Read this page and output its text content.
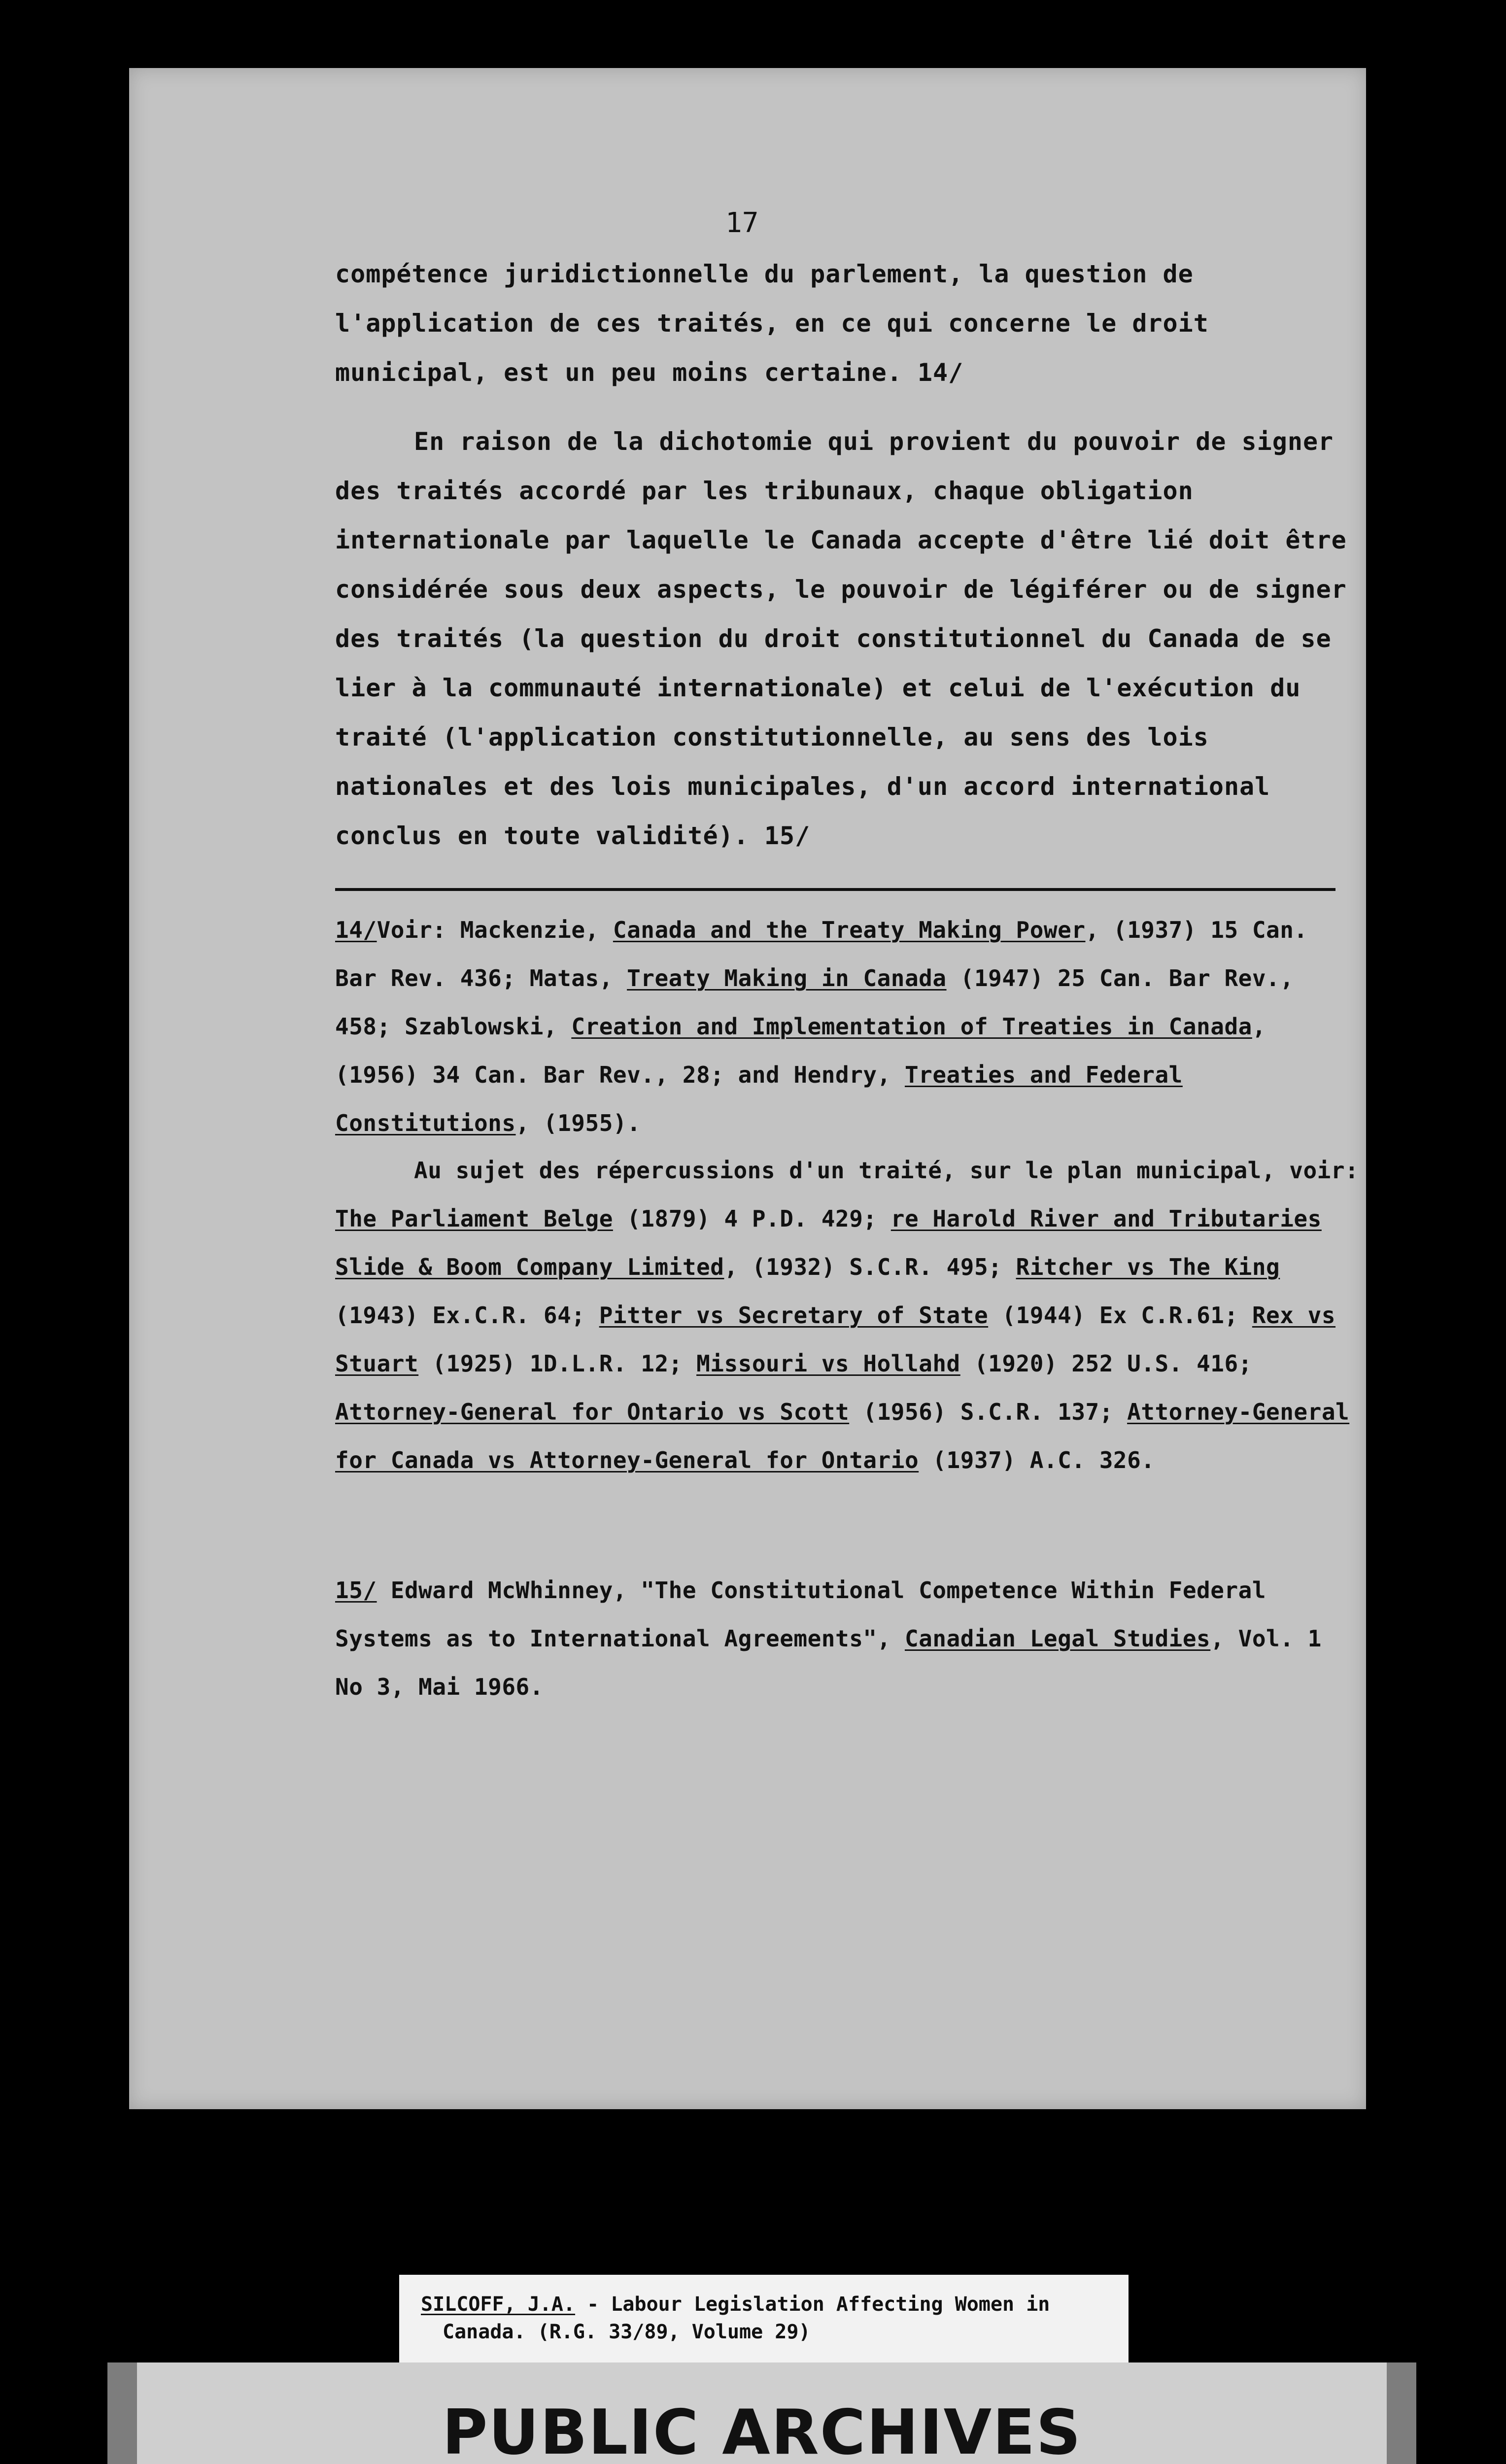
17

compétence juridictionnelle du parlement, la question de l'application de ces traités, en ce qui concerne le droit municipal, est un peu moins certaine. 14/

En raison de la dichotomie qui provient du pouvoir de signer des traités accordé par les tribunaux, chaque obligation internationale par laquelle le Canada accepte d'être lié doit être considérée sous deux aspects, le pouvoir de légiférer ou de signer des traités (la question du droit constitutionnel du Canada de se lier à la communauté internationale) et celui de l'exécution du traité (l'application constitutionnelle, au sens des lois nationales et des lois municipales, d'un accord international conclus en toute validité). 15/

14/Voir: Mackenzie, Canada and the Treaty Making Power, (1937) 15 Can. Bar Rev. 436; Matas, Treaty Making in Canada (1947) 25 Can. Bar Rev., 458; Szablowski, Creation and Implementation of Treaties in Canada, (1956) 34 Can. Bar Rev., 28; and Hendry, Treaties and Federal Constitutions, (1955).

Au sujet des répercussions d'un traité, sur le plan municipal, voir: The Parliament Belge (1879) 4 P.D. 429; re Harold River and Tributaries Slide & Boom Company Limited, (1932) S.C.R. 495; Ritcher vs The King (1943) Ex.C.R. 64; Pitter vs Secretary of State (1944) Ex C.R.61; Rex vs Stuart (1925) 1D.L.R. 12; Missouri vs Hollahd (1920) 252 U.S. 416; Attorney-General for Ontario vs Scott (1956) S.C.R. 137; Attorney-General for Canada vs Attorney-General for Ontario (1937) A.C. 326.

15/ Edward McWhinney, "The Constitutional Competence Within Federal Systems as to International Agreements", Canadian Legal Studies, Vol. 1 No 3, Mai 1966.

SILCOFF, J.A. - Labour Legislation Affecting Women in
Canada. (R.G. 33/89, Volume 29)
PUBLIC ARCHIVES
